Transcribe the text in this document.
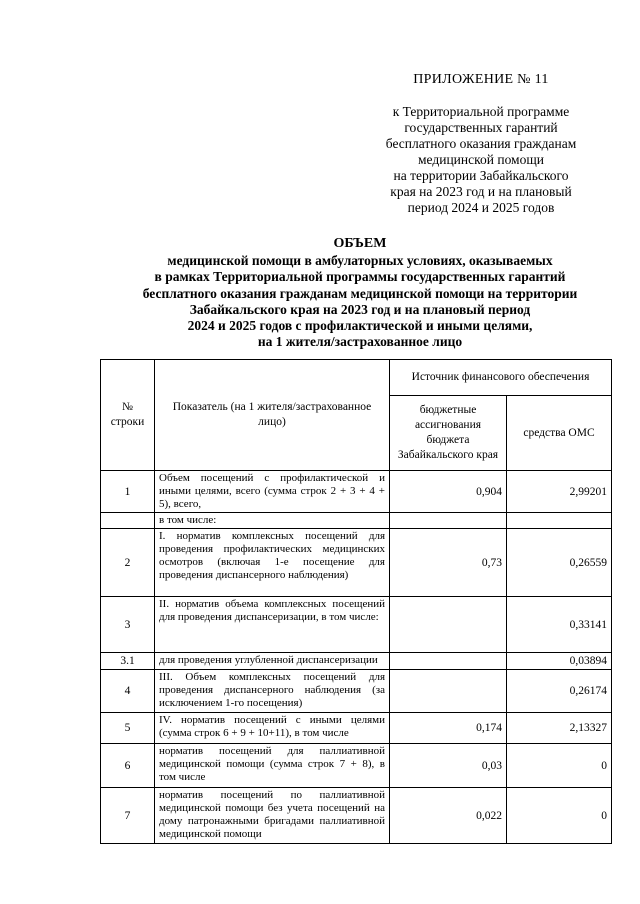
ПРИЛОЖЕНИЕ № 11
к Территориальной программе
государственных гарантий
бесплатного оказания гражданам
медицинской помощи
на территории Забайкальского
края на 2023 год и на плановый
период 2024 и 2025 годов
ОБЪЕМ
медицинской помощи в амбулаторных условиях, оказываемых
в рамках Территориальной программы государственных гарантий
бесплатного оказания гражданам медицинской помощи на территории
Забайкальского края на 2023 год и на плановый период
2024 и 2025 годов с профилактической и иными целями,
на 1 жителя/застрахованное лицо
№ строки	Показатель (на 1 жителя/застрахованное лицо)	Источник финансового обеспечения	
		бюджетные ассигнования бюджета Забайкальского края	средства ОМС
1	Объем посещений с профилактической и иными целями, всего (сумма строк 2 + 3 + 4 + 5), всего,	0,904	2,99201
	в том числе:		
2	I. норматив комплексных посещений для проведения профилактических медицинских осмотров (включая 1-е посещение для проведения диспансерного наблюдения)	0,73	0,26559
3	II. норматив объема комплексных посещений для проведения диспансеризации, в том числе:		0,33141
3.1	для проведения углубленной диспансеризации		0,03894
4	III. Объем комплексных посещений для проведения диспансерного наблюдения (за исключением 1-го посещения)		0,26174
5	IV. норматив посещений с иными целями (сумма строк 6 + 9 + 10+11), в том числе	0,174	2,13327
6	норматив посещений для паллиативной медицинской помощи (сумма строк 7 + 8), в том числе	0,03	0
7	норматив посещений по паллиативной медицинской помощи без учета посещений на дому патронажными бригадами паллиативной медицинской помощи	0,022	0
